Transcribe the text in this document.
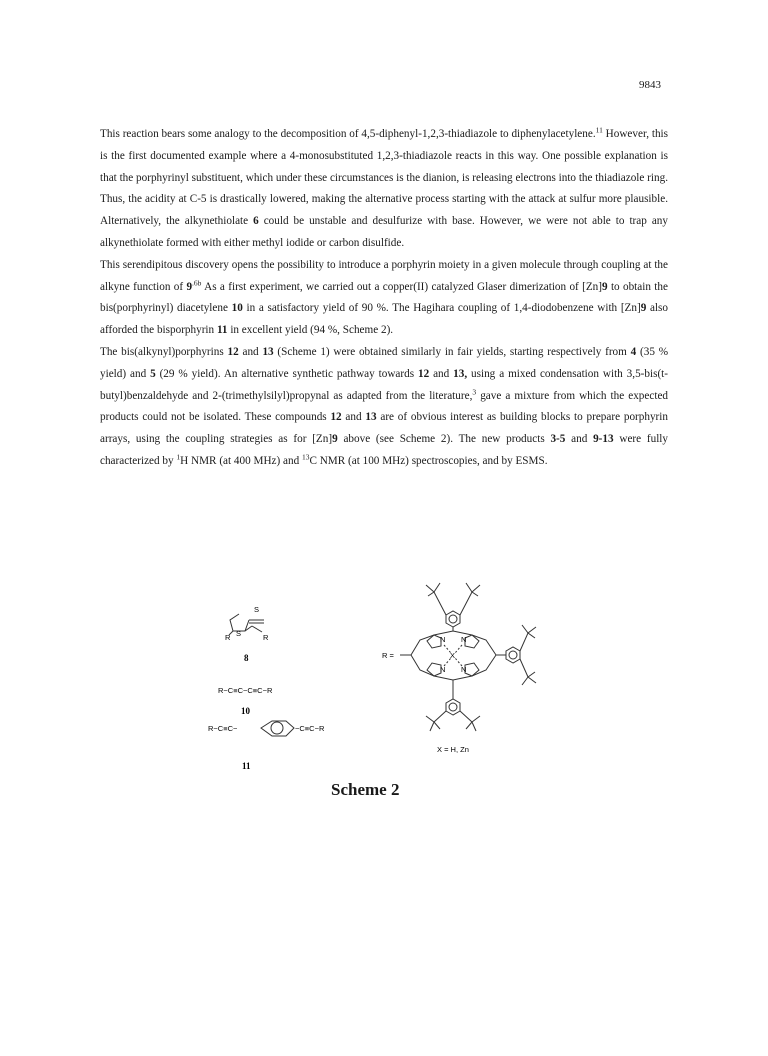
9843

This reaction bears some analogy to the decomposition of 4,5-diphenyl-1,2,3-thiadiazole to diphenylacetylene.$^{11}$ However, this is the first documented example where a 4-monosubstituted 1,2,3-thiadiazole reacts in this way. One possible explanation is that the porphyrinyl substituent, which under these circumstances is the dianion, is releasing electrons into the thiadiazole ring. Thus, the acidity at C-5 is drastically lowered, making the alternative process starting with the attack at sulfur more plausible. Alternatively, the alkynethiolate 6 could be unstable and desulfurize with base. However, we were not able to trap any alkynethiolate formed with either methyl iodide or carbon disulfide.

This serendipitous discovery opens the possibility to introduce a porphyrin moiety in a given molecule through coupling at the alkyne function of $9^{.6b}$ As a first experiment, we carried out a copper(II) catalyzed Glaser dimerization of [Zn]9 to obtain the bis(porphyrinyl) diacetylene 10 in a satisfactory yield of 90 %. The Hagihara coupling of 1,4-diodobenzene with [Zn]9 also afforded the bisporphyrin 11 in excellent yield (94 %, Scheme 2).

The bis(alkynyl)porphyrins 12 and 13 (Scheme 1) were obtained similarly in fair yields, starting respectively from 4 (35 % yield) and 5 (29 % yield). An alternative synthetic pathway towards 12 and 13, using a mixed condensation with 3,5-bis(t-butyl)benzaldehyde and 2-(trimethylsilyl)propynal as adapted from the literature,$^3$ gave a mixture from which the expected products could not be isolated. These compounds 12 and 13 are of obvious interest as building blocks to prepare porphyrin arrays, using the coupling strategies as for [Zn]9 above (see Scheme 2). The new products 3-5 and 9-13 were fully characterized by $^1$H NMR (at 400 MHz) and $^{13}$C NMR (at 100 MHz) spectroscopies, and by ESMS.

S
S
R	R
8
R−C≡C−C≡C−R
10
R−C≡C−	−C≡C−R
11
R =
N N
N N
X
X = H, Zn
Scheme 2
